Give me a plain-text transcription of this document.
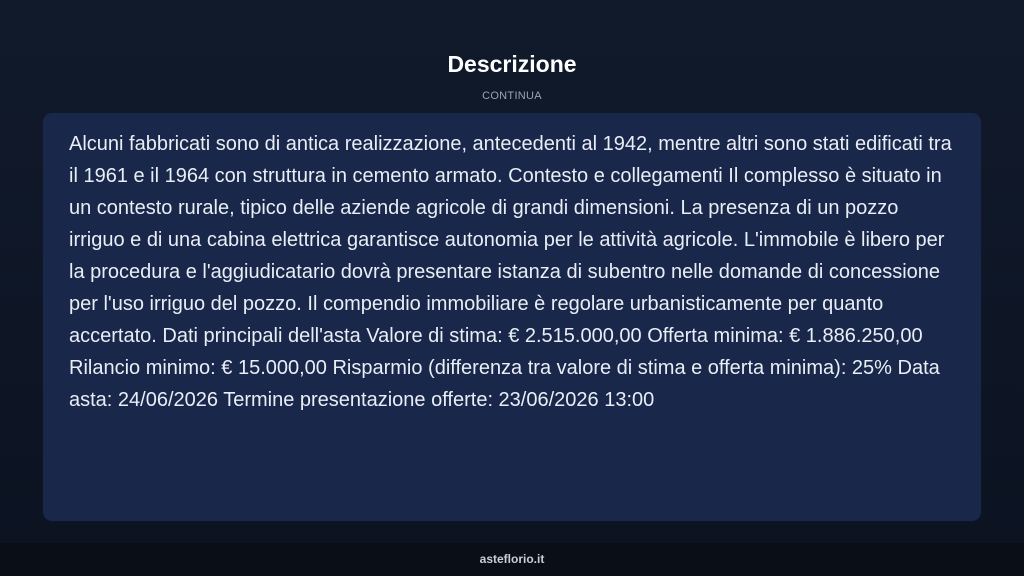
Descrizione
CONTINUA

Alcuni fabbricati sono di antica realizzazione, antecedenti al 1942, mentre altri sono stati edificati tra il 1961 e il 1964 con struttura in cemento armato. Contesto e collegamenti Il complesso è situato in un contesto rurale, tipico delle aziende agricole di grandi dimensioni. La presenza di un pozzo irriguo e di una cabina elettrica garantisce autonomia per le attività agricole. L'immobile è libero per la procedura e l'aggiudicatario dovrà presentare istanza di subentro nelle domande di concessione per l'uso irriguo del pozzo. Il compendio immobiliare è regolare urbanisticamente per quanto accertato. Dati principali dell'asta Valore di stima: € 2.515.000,00 Offerta minima: € 1.886.250,00 Rilancio minimo: € 15.000,00 Risparmio (differenza tra valore di stima e offerta minima): 25% Data asta: 24/06/2026 Termine presentazione offerte: 23/06/2026 13:00

asteflorio.it
